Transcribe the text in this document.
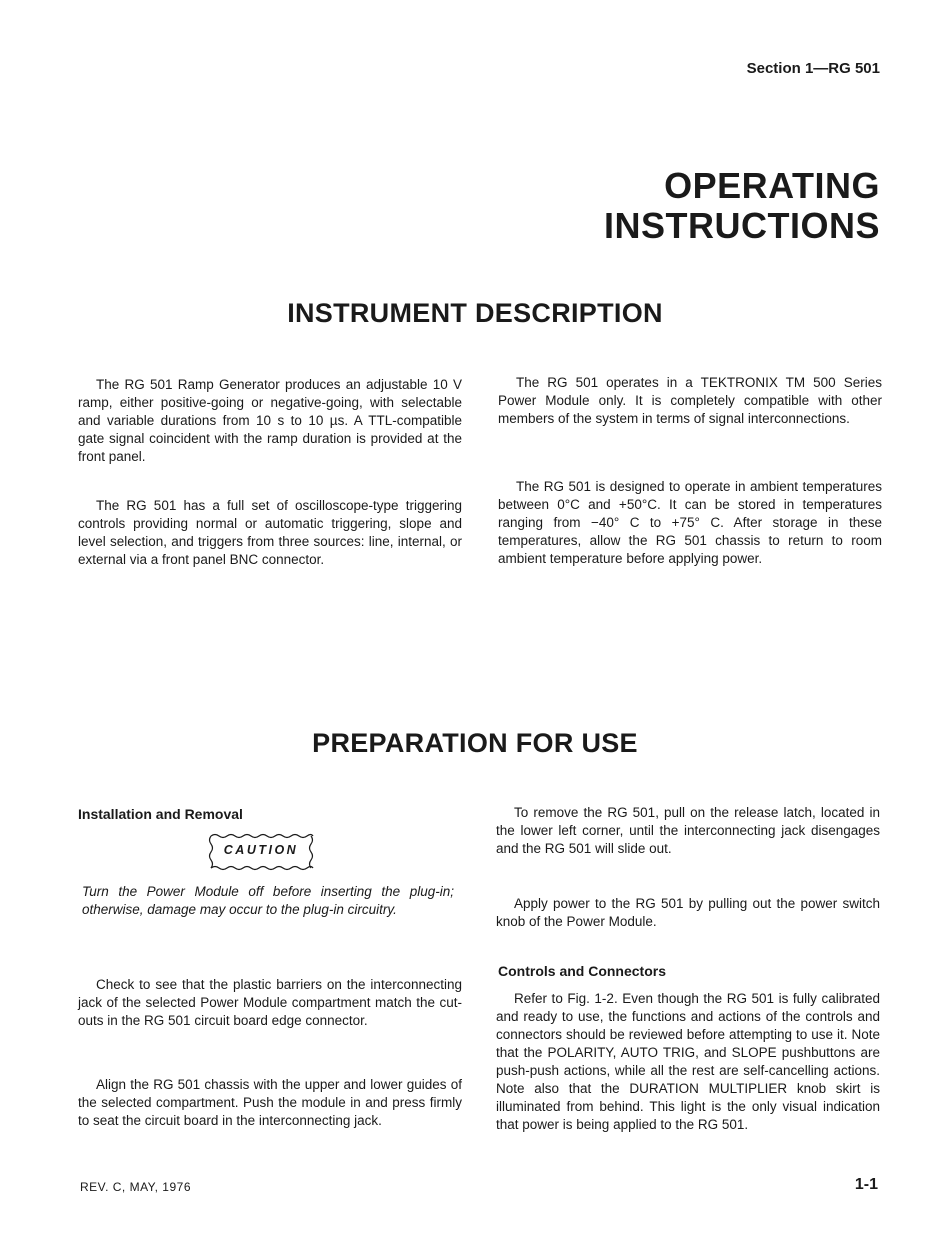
Section 1—RG 501
OPERATING
INSTRUCTIONS
INSTRUMENT DESCRIPTION

The RG 501 Ramp Generator produces an adjustable 10 V ramp, either positive-going or negative-going, with selectable and variable durations from 10 s to 10 µs. A TTL-compatible gate signal coincident with the ramp duration is provided at the front panel.

The RG 501 has a full set of oscilloscope-type triggering controls providing normal or automatic triggering, slope and level selection, and triggers from three sources: line, internal, or external via a front panel BNC connector.

The RG 501 operates in a TEKTRONIX TM 500 Series Power Module only. It is completely compatible with other members of the system in terms of signal interconnections.

The RG 501 is designed to operate in ambient temperatures between 0°C and +50°C. It can be stored in temperatures ranging from −40° C to +75° C. After storage in these temperatures, allow the RG 501 chassis to return to room ambient temperature before applying power.

PREPARATION FOR USE

Installation and Removal

CAUTION

Turn the Power Module off before inserting the plug-in; otherwise, damage may occur to the plug-in circuitry.

Check to see that the plastic barriers on the interconnecting jack of the selected Power Module compartment match the cut-outs in the RG 501 circuit board edge connector.

Align the RG 501 chassis with the upper and lower guides of the selected compartment. Push the module in and press firmly to seat the circuit board in the interconnecting jack.

To remove the RG 501, pull on the release latch, located in the lower left corner, until the interconnecting jack disengages and the RG 501 will slide out.

Apply power to the RG 501 by pulling out the power switch knob of the Power Module.

Controls and Connectors

Refer to Fig. 1-2. Even though the RG 501 is fully calibrated and ready to use, the functions and actions of the controls and connectors should be reviewed before attempting to use it. Note that the POLARITY, AUTO TRIG, and SLOPE pushbuttons are push-push actions, while all the rest are self-cancelling actions. Note also that the DURATION MULTIPLIER knob skirt is illuminated from behind. This light is the only visual indication that power is being applied to the RG 501.

REV. C, MAY, 1976	1-1
